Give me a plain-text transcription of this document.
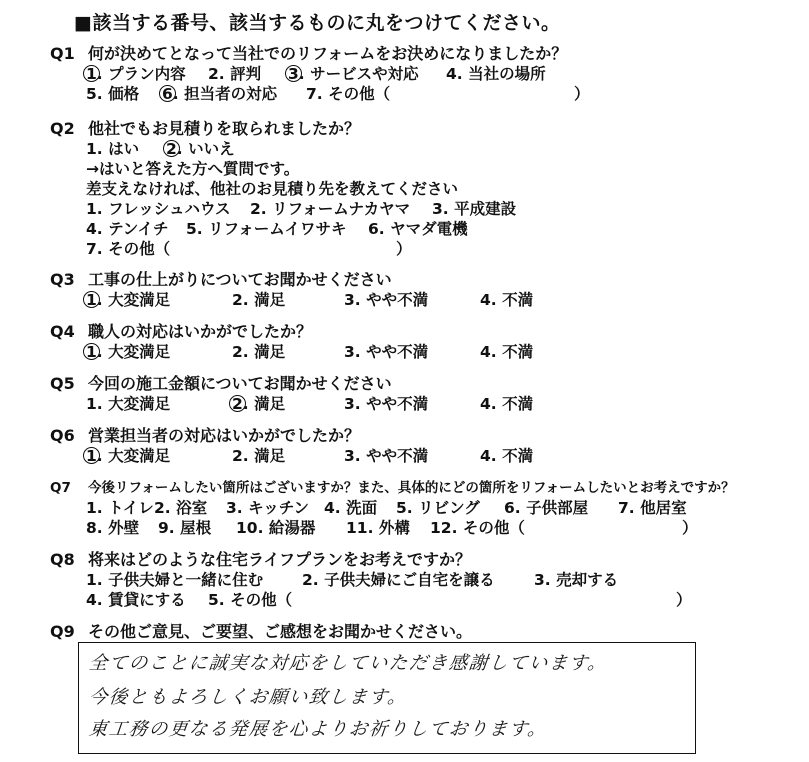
■該当する番号、該当するものに丸をつけてください。
Q1 何が決めてとなって当社でのリフォームをお決めになりましたか？
1. プラン内容 2. 評判 3. サービスや対応 4. 当社の場所
5. 価格 6. 担当者の対応 7. その他（	）
Q2 他社でもお見積りを取られましたか？
1. はい 2. いいえ
→はいと答えた方へ質問です。
差支えなければ、他社のお見積り先を教えてください
1. フレッシュハウス 2. リフォームナカヤマ 3. 平成建設
4. テンイチ 5. リフォームイワサキ 6. ヤマダ電機
7. その他（	）
Q3 工事の仕上がりについてお聞かせください
1. 大変満足	2. 満足	3. やや不満	4. 不満
Q4 職人の対応はいかがでしたか？
1. 大変満足	2. 満足	3. やや不満	4. 不満
Q5 今回の施工金額についてお聞かせください
1. 大変満足	2. 満足	3. やや不満	4. 不満
Q6 営業担当者の対応はいかがでしたか？
1. 大変満足	2. 満足	3. やや不満	4. 不満
Q7	今後リフォームしたい箇所はございますか？また、具体的にどの箇所をリフォームしたいとお考えですか？
1. トイレ 2. 浴室 3. キッチン 4. 洗面 5. リビング 6. 子供部屋 7. 他居室
8. 外壁 9. 屋根 10. 給湯器 11. 外構 12. その他（	）
Q8 将来はどのような住宅ライフプランをお考えですか？
1. 子供夫婦と一緒に住む	2. 子供夫婦にご自宅を譲る	3. 売却する
4. 賃貸にする 5. その他（	）
Q9 その他ご意見、ご要望、ご感想をお聞かせください。
全てのことに誠実な対応をしていただき感謝しています。
今後ともよろしくお願い致します。
東工務の更なる発展を心よりお祈りしております。
